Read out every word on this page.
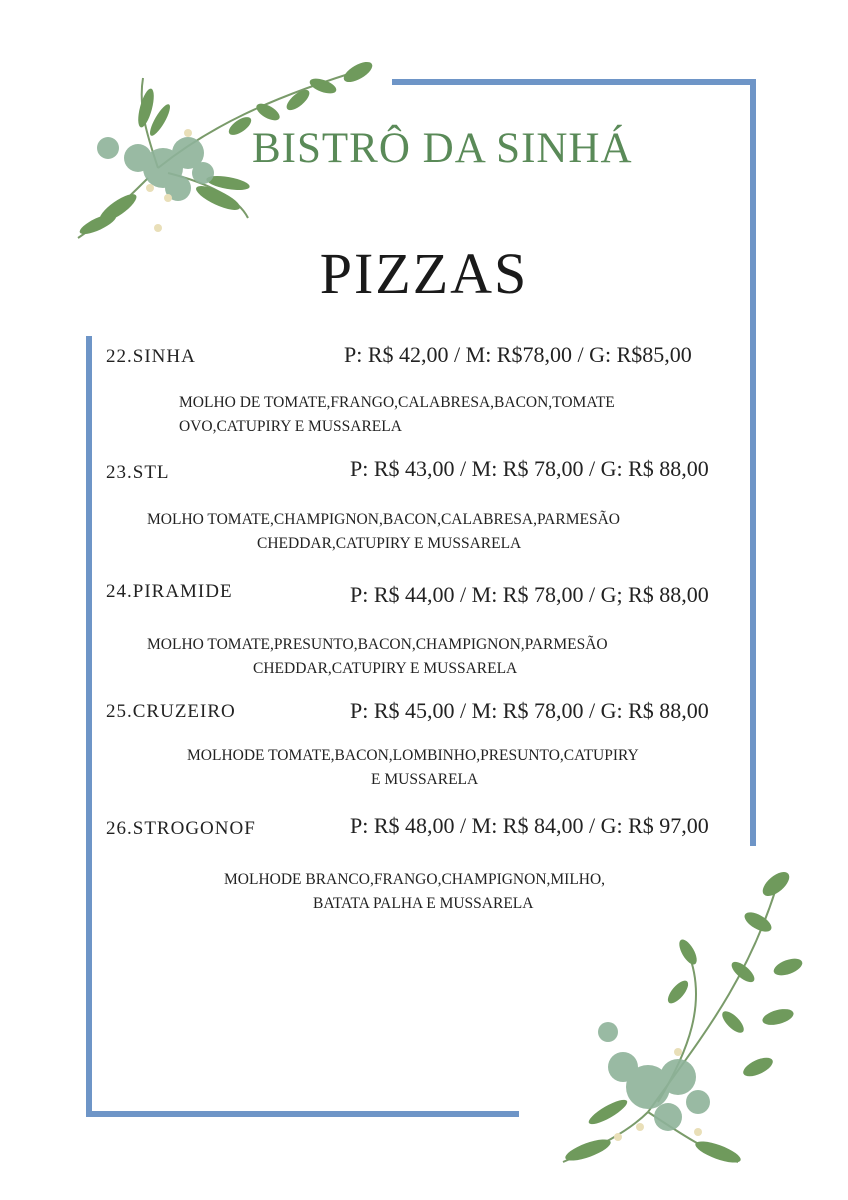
BISTRÔ DA SINHÁ
PIZZAS
22.SINHA	P: R$ 42,00 / M: R$78,00 / G: R$85,00
MOLHO DE TOMATE,FRANGO,CALABRESA,BACON,TOMATE
OVO,CATUPIRY E MUSSARELA
23.STL	P: R$ 43,00 / M: R$ 78,00 / G: R$ 88,00
MOLHO TOMATE,CHAMPIGNON,BACON,CALABRESA,PARMESÃO
CHEDDAR,CATUPIRY E MUSSARELA
24.PIRAMIDE	P: R$ 44,00 / M: R$ 78,00 / G; R$ 88,00
MOLHO TOMATE,PRESUNTO,BACON,CHAMPIGNON,PARMESÃO
CHEDDAR,CATUPIRY E MUSSARELA
25.CRUZEIRO	P: R$ 45,00 / M: R$ 78,00 / G: R$ 88,00
MOLHODE TOMATE,BACON,LOMBINHO,PRESUNTO,CATUPIRY
E MUSSARELA
26.STROGONOF	P: R$ 48,00 / M: R$ 84,00 / G: R$ 97,00
MOLHODE BRANCO,FRANGO,CHAMPIGNON,MILHO,
BATATA PALHA E MUSSARELA
